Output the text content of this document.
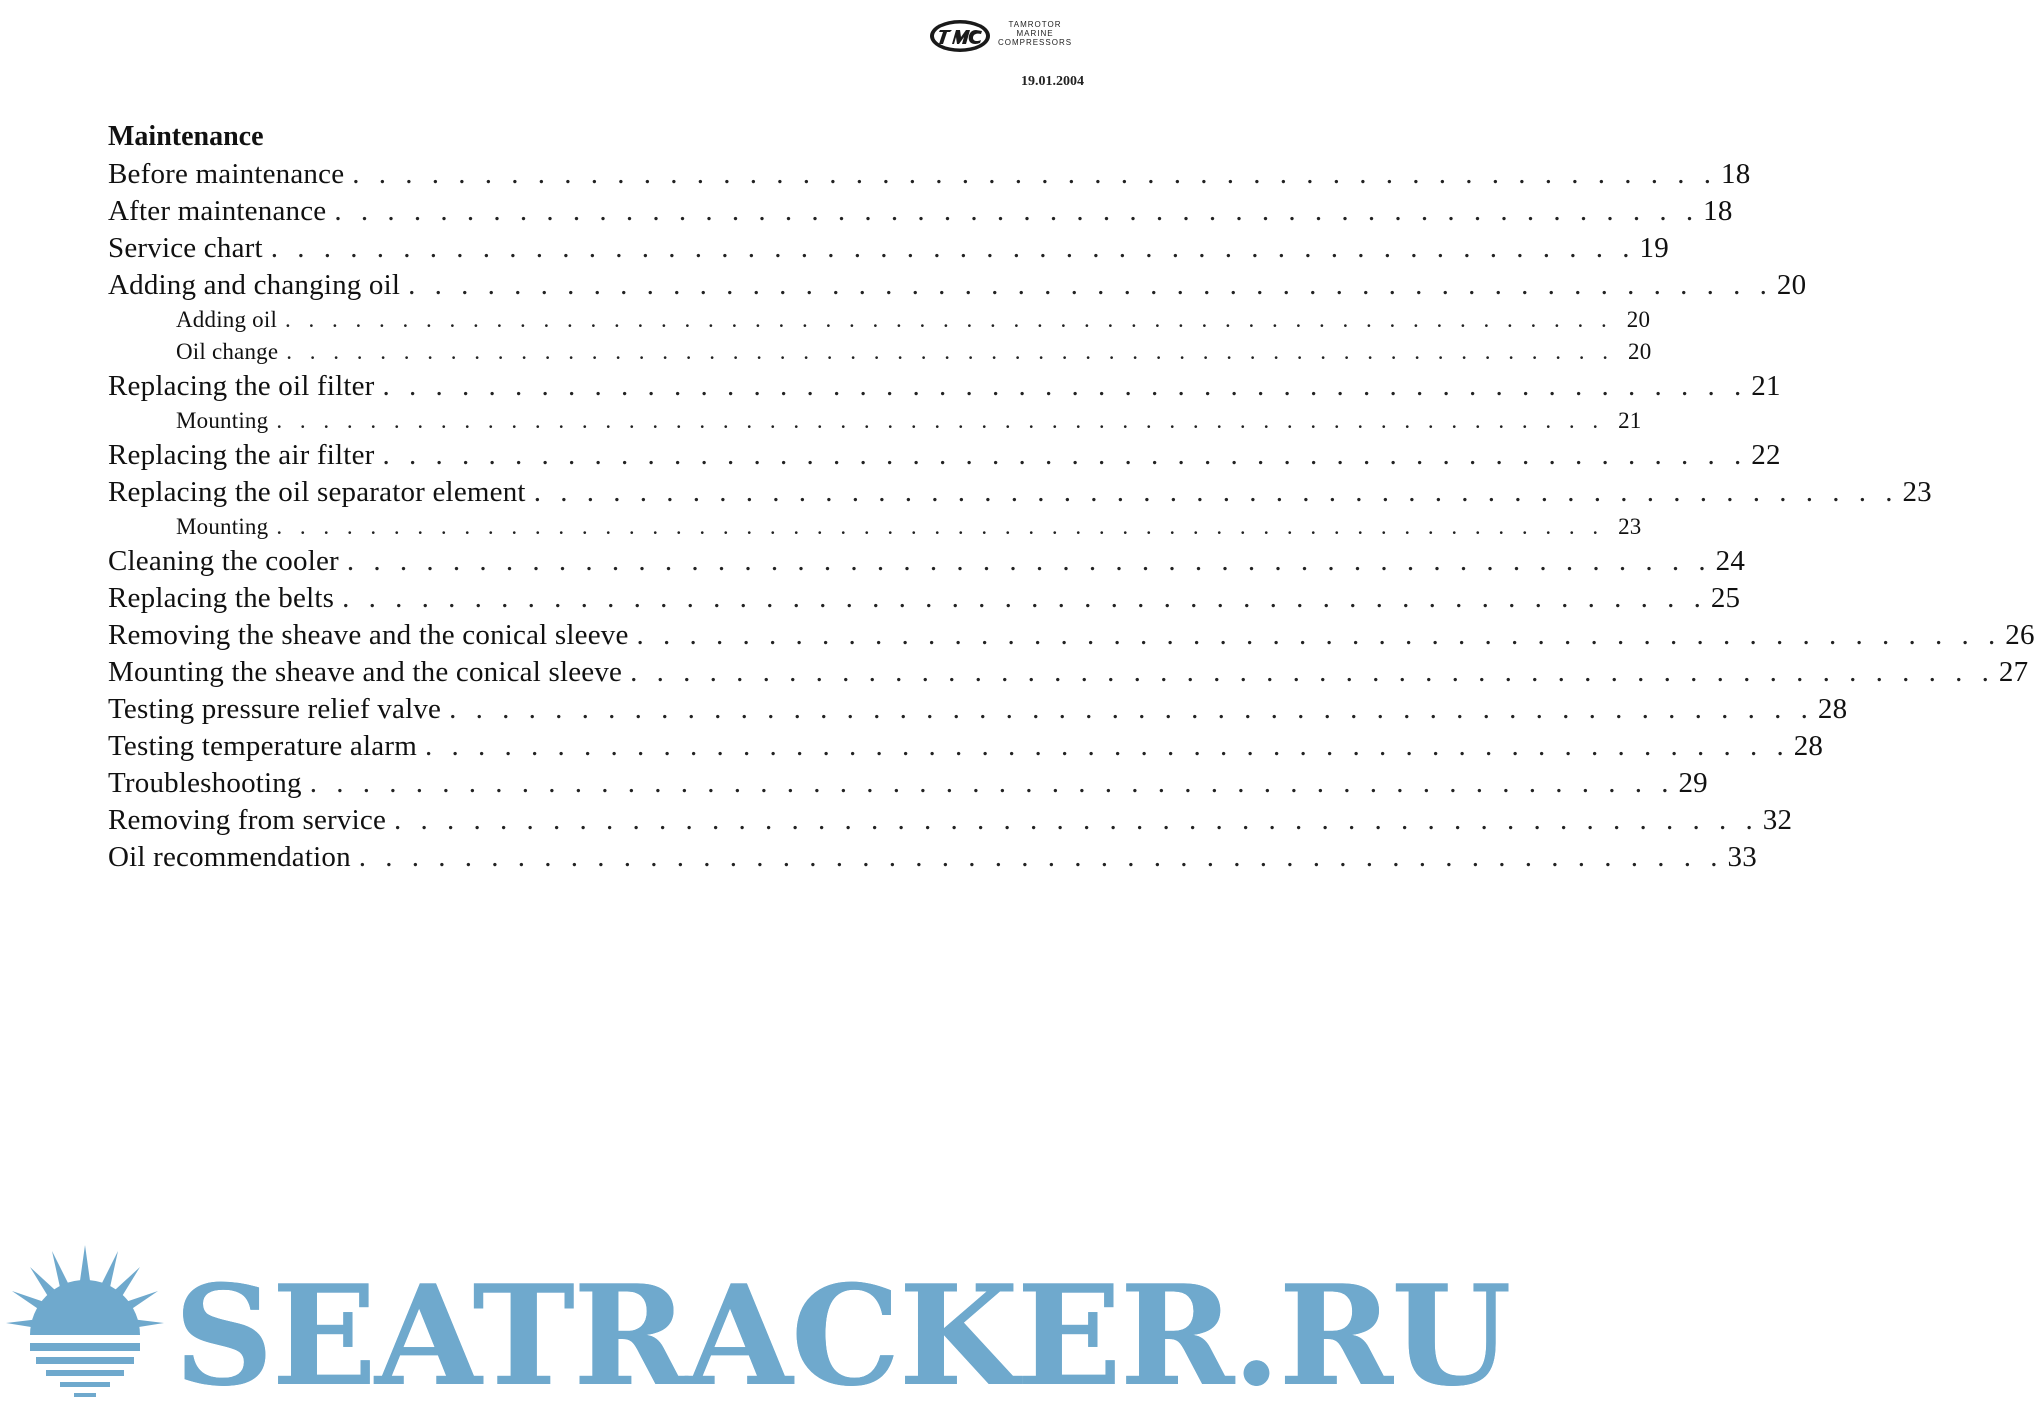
TAMROTOR
MARINE
COMPRESSORS
19.01.2004
Maintenance
Before maintenance . . . . . . . . . . . . . . . . . . . . . . . . . . . . . . . . . . . . . . . . . . . . . . . . . . . . 18
After maintenance . . . . . . . . . . . . . . . . . . . . . . . . . . . . . . . . . . . . . . . . . . . . . . . . . . . . 18
Service chart . . . . . . . . . . . . . . . . . . . . . . . . . . . . . . . . . . . . . . . . . . . . . . . . . . . . 19
Adding and changing oil . . . . . . . . . . . . . . . . . . . . . . . . . . . . . . . . . . . . . . . . . . . . . . . . . . . . 20
Adding oil . . . . . . . . . . . . . . . . . . . . . . . . . . . . . . . . . . . . . . . . . . . . . . . . . . . . . . . . . 20
Oil change . . . . . . . . . . . . . . . . . . . . . . . . . . . . . . . . . . . . . . . . . . . . . . . . . . . . . . . . . 20
Replacing the oil filter . . . . . . . . . . . . . . . . . . . . . . . . . . . . . . . . . . . . . . . . . . . . . . . . . . . . 21
Mounting . . . . . . . . . . . . . . . . . . . . . . . . . . . . . . . . . . . . . . . . . . . . . . . . . . . . . . . . . 21
Replacing the air filter . . . . . . . . . . . . . . . . . . . . . . . . . . . . . . . . . . . . . . . . . . . . . . . . . . . . 22
Replacing the oil separator element . . . . . . . . . . . . . . . . . . . . . . . . . . . . . . . . . . . . . . . . . . . . . . . . . . . . 23
Mounting . . . . . . . . . . . . . . . . . . . . . . . . . . . . . . . . . . . . . . . . . . . . . . . . . . . . . . . . . 23
Cleaning the cooler . . . . . . . . . . . . . . . . . . . . . . . . . . . . . . . . . . . . . . . . . . . . . . . . . . . . 24
Replacing the belts . . . . . . . . . . . . . . . . . . . . . . . . . . . . . . . . . . . . . . . . . . . . . . . . . . . . 25
Removing the sheave and the conical sleeve . . . . . . . . . . . . . . . . . . . . . . . . . . . . . . . . . . . . . . . . . . . . . . . . . . . . 26
Mounting the sheave and the conical sleeve . . . . . . . . . . . . . . . . . . . . . . . . . . . . . . . . . . . . . . . . . . . . . . . . . . . . 27
Testing pressure relief valve . . . . . . . . . . . . . . . . . . . . . . . . . . . . . . . . . . . . . . . . . . . . . . . . . . . . 28
Testing temperature alarm . . . . . . . . . . . . . . . . . . . . . . . . . . . . . . . . . . . . . . . . . . . . . . . . . . . . 28
Troubleshooting . . . . . . . . . . . . . . . . . . . . . . . . . . . . . . . . . . . . . . . . . . . . . . . . . . . . 29
Removing from service . . . . . . . . . . . . . . . . . . . . . . . . . . . . . . . . . . . . . . . . . . . . . . . . . . . . 32
Oil recommendation . . . . . . . . . . . . . . . . . . . . . . . . . . . . . . . . . . . . . . . . . . . . . . . . . . . . 33
SEATRACKER.RU
